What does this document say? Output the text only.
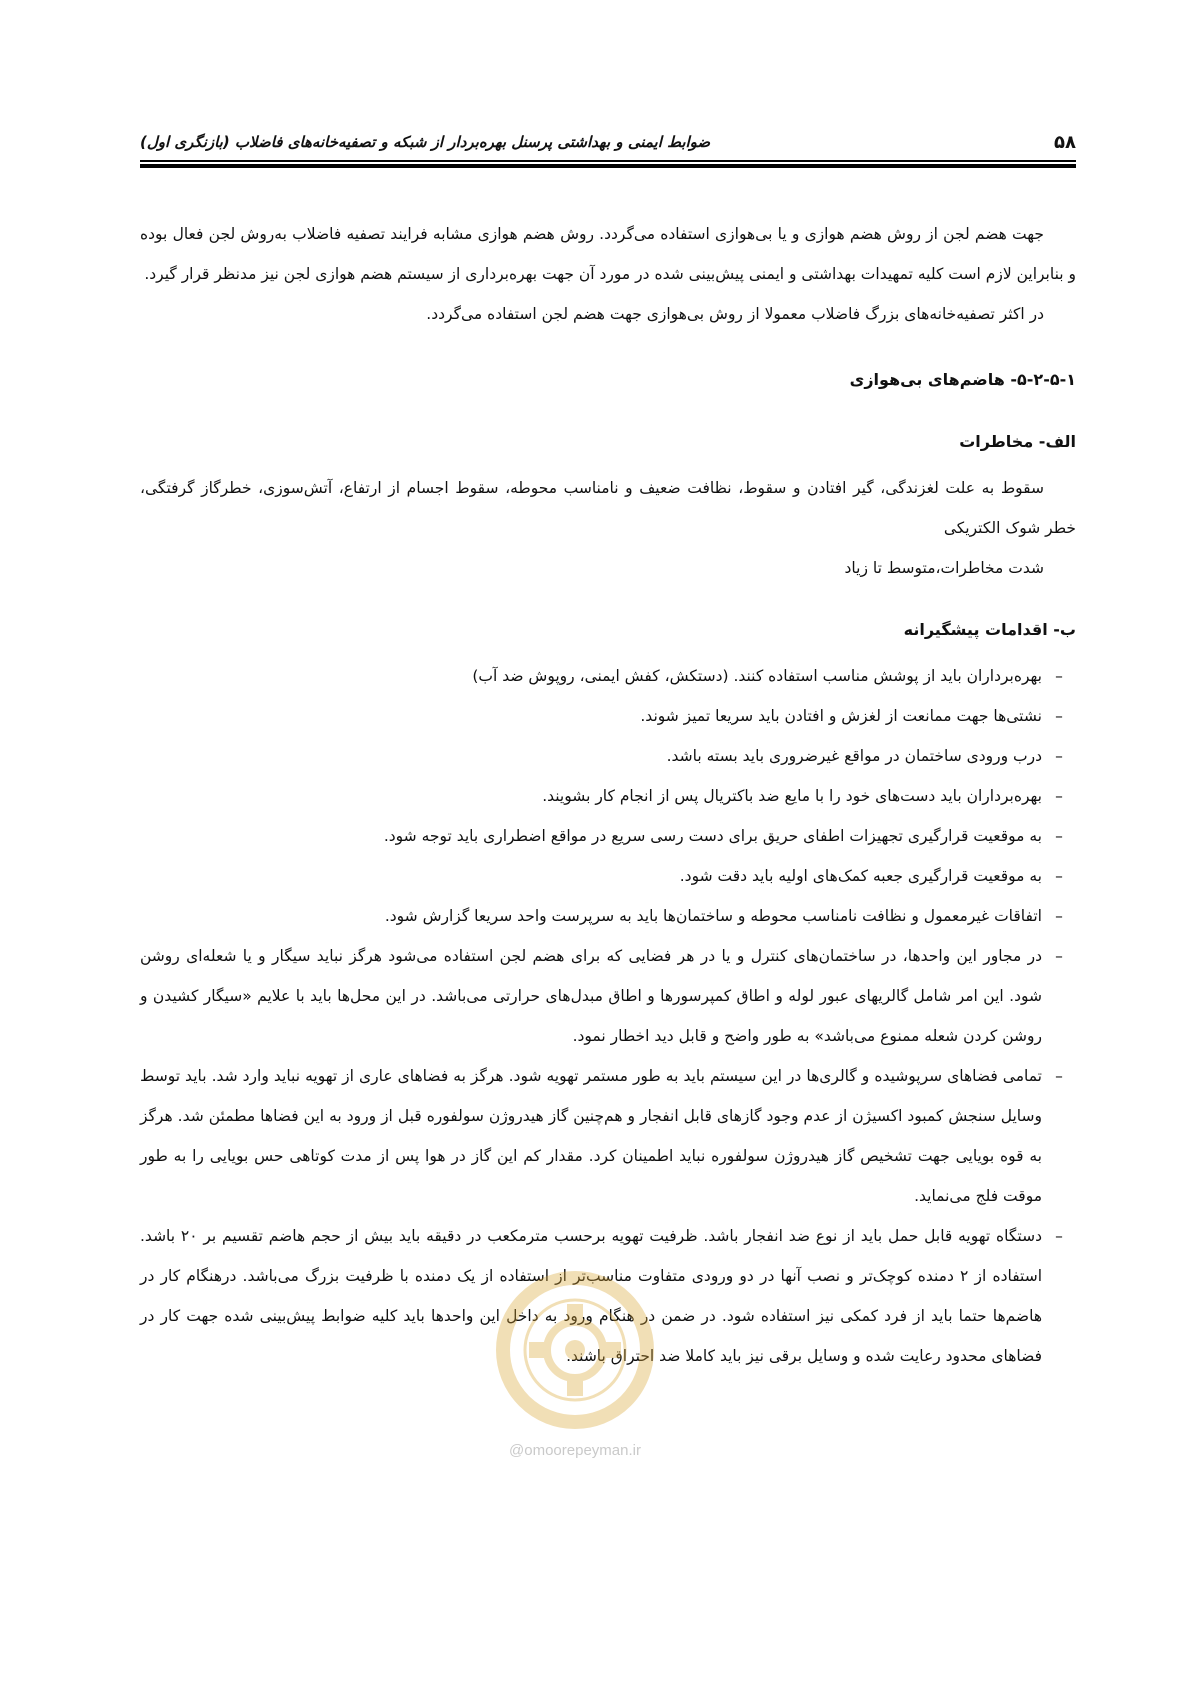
۵۸
ضوابط ایمنی و بهداشتی پرسنل بهره‌بردار از شبکه و تصفیه‌خانه‌های فاضلاب (بازنگری اول)

جهت هضم لجن از روش هضم هوازی و یا بی‌هوازی استفاده می‌گردد. روش هضم هوازی مشابه فرایند تصفیه فاضلاب به‌روش لجن فعال بوده و بنابراین لازم است کلیه تمهیدات بهداشتی و ایمنی پیش‌بینی شده در مورد آن جهت بهره‌برداری از سیستم هضم هوازی لجن نیز مدنظر قرار گیرد.

در اکثر تصفیه‌خانه‌های بزرگ فاضلاب معمولا از روش بی‌هوازی جهت هضم لجن استفاده می‌گردد.

۵-۲-۵-۱- هاضم‌های بی‌هوازی
الف- مخاطرات

سقوط به علت لغزندگی، گیر افتادن و سقوط، نظافت ضعیف و نامناسب محوطه، سقوط اجسام از ارتفاع، آتش‌سوزی، خطرگاز گرفتگی، خطر شوک الکتریکی

شدت مخاطرات،متوسط تا زیاد

ب- اقدامات پیشگیرانه
–
بهره‌برداران باید از پوشش مناسب استفاده کنند. (دستکش، کفش ایمنی، روپوش ضد آب)
–
نشتی‌ها جهت ممانعت از لغزش و افتادن باید سریعا تمیز شوند.
–
درب ورودی ساختمان در مواقع غیرضروری باید بسته باشد.
–
بهره‌برداران باید دست‌های خود را با مایع ضد باکتریال پس از انجام کار بشویند.
–
به موقعیت قرارگیری تجهیزات اطفای حریق برای دست رسی سریع در مواقع اضطراری باید توجه شود.
–
به موقعیت قرارگیری جعبه کمک‌های اولیه باید دقت شود.
–
اتفاقات غیرمعمول و نظافت نامناسب محوطه و ساختمان‌ها باید به سرپرست واحد سریعا گزارش شود.
–
در مجاور این واحدها، در ساختمان‌های کنترل و یا در هر فضایی که برای هضم لجن استفاده می‌شود هرگز نباید سیگار و یا شعله‌ای روشن شود. این امر شامل گالریهای عبور لوله و اطاق کمپرسورها و اطاق مبدل‌های حرارتی می‌باشد. در این محل‌ها باید با علایم «سیگار کشیدن و روشن کردن شعله ممنوع می‌باشد» به طور واضح و قابل دید اخطار نمود.
–
تمامی فضاهای سرپوشیده و گالری‌ها در این سیستم باید به طور مستمر تهویه شود. هرگز به فضاهای عاری از تهویه نباید وارد شد. باید توسط وسایل سنجش کمبود اکسیژن از عدم وجود گازهای قابل انفجار و هم‌چنین گاز هیدروژن سولفوره قبل از ورود به این فضاها مطمئن شد. هرگز به قوه بویایی جهت تشخیص گاز هیدروژن سولفوره نباید اطمینان کرد. مقدار کم این گاز در هوا پس از مدت کوتاهی حس بویایی را به طور موقت فلج می‌نماید.
–
دستگاه تهویه قابل حمل باید از نوع ضد انفجار باشد. ظرفیت تهویه برحسب مترمکعب در دقیقه باید بیش از حجم هاضم تقسیم بر ۲۰ باشد. استفاده از ۲ دمنده کوچک‌تر و نصب آنها در دو ورودی متفاوت مناسب‌تر از استفاده از یک دمنده با ظرفیت بزرگ می‌باشد. درهنگام کار در هاضم‌ها حتما باید از فرد کمکی نیز استفاده شود. در ضمن در هنگام ورود به داخل این واحدها باید کلیه ضوابط پیش‌بینی شده جهت کار در فضاهای محدود رعایت شده و وسایل برقی نیز باید کاملا ضد احتراق باشند.
@omoorepeyman.ir
